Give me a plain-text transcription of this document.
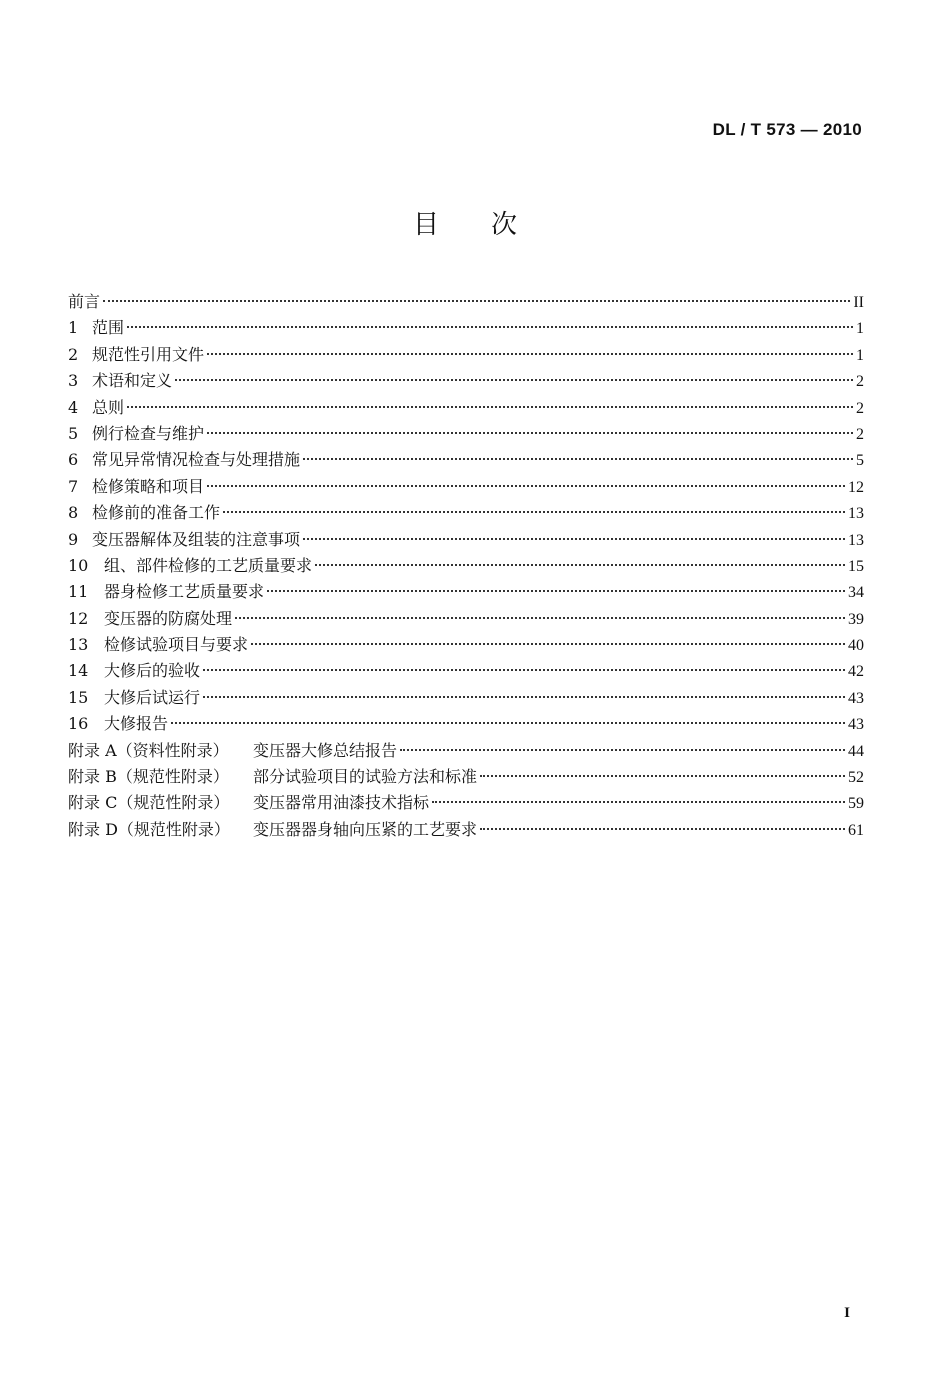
DL / T 573 — 2010
目次
前言	II
1 范围	1
2 规范性引用文件	1
3 术语和定义	2
4 总则	2
5 例行检查与维护	2
6 常见异常情况检查与处理措施	5
7 检修策略和项目	12
8 检修前的准备工作	13
9 变压器解体及组装的注意事项	13
10 组、部件检修的工艺质量要求	15
11 器身检修工艺质量要求	34
12 变压器的防腐处理	39
13 检修试验项目与要求	40
14 大修后的验收	42
15 大修后试运行	43
16 大修报告	43
附录 A（资料性附录）	变压器大修总结报告	44
附录 B（规范性附录）	部分试验项目的试验方法和标准	52
附录 C（规范性附录）	变压器常用油漆技术指标	59
附录 D（规范性附录）	变压器器身轴向压紧的工艺要求	61
I
